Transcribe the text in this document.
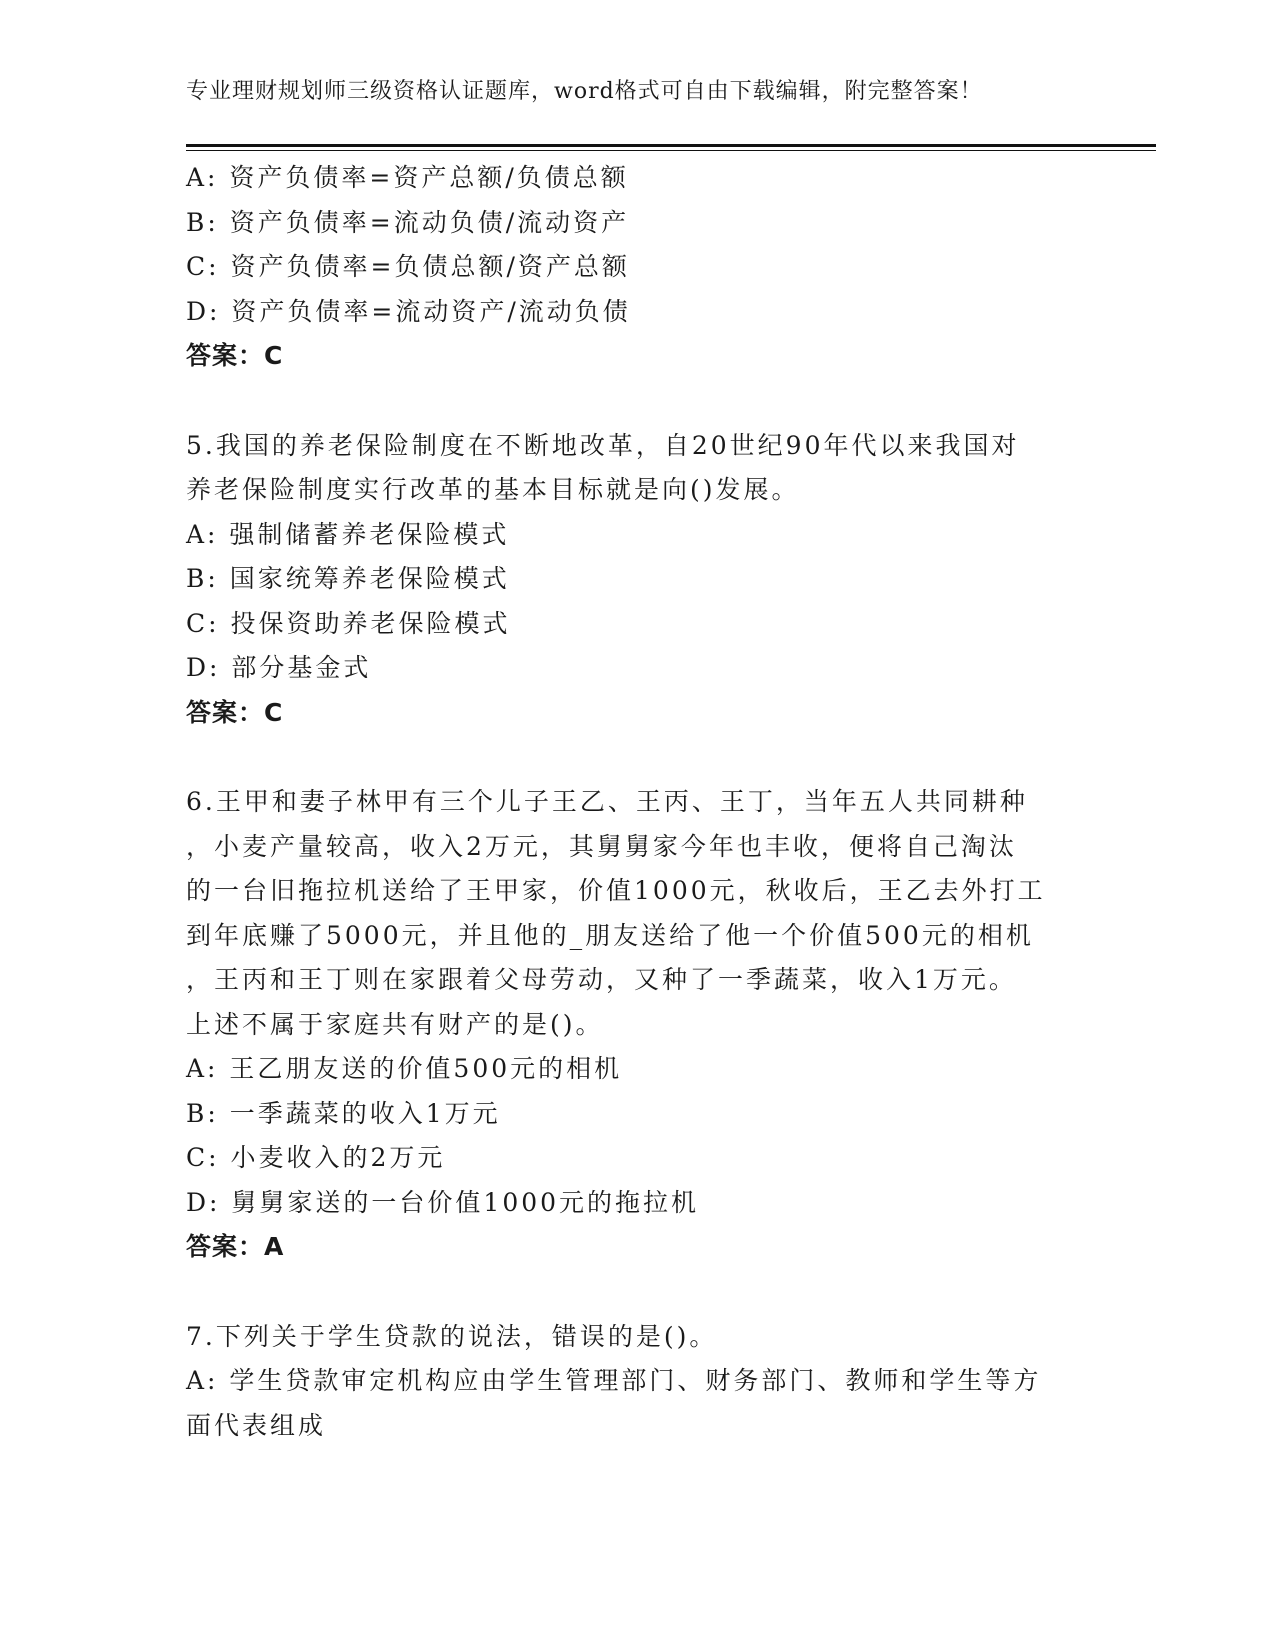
专业理财规划师三级资格认证题库，word格式可自由下载编辑，附完整答案！
A: 资产负债率=资产总额/负债总额
B: 资产负债率=流动负债/流动资产
C: 资产负债率=负债总额/资产总额
D: 资产负债率=流动资产/流动负债
答案：C
5.我国的养老保险制度在不断地改革，自20世纪90年代以来我国对
养老保险制度实行改革的基本目标就是向()发展。
A: 强制储蓄养老保险模式
B: 国家统筹养老保险模式
C: 投保资助养老保险模式
D: 部分基金式
答案：C
6.王甲和妻子林甲有三个儿子王乙、王丙、王丁，当年五人共同耕种
，小麦产量较高，收入2万元，其舅舅家今年也丰收，便将自己淘汰
的一台旧拖拉机送给了王甲家，价值1000元，秋收后，王乙去外打工
到年底赚了5000元，并且他的_朋友送给了他一个价值500元的相机
，王丙和王丁则在家跟着父母劳动，又种了一季蔬菜，收入1万元。
上述不属于家庭共有财产的是()。
A: 王乙朋友送的价值500元的相机
B: 一季蔬菜的收入1万元
C: 小麦收入的2万元
D: 舅舅家送的一台价值1000元的拖拉机
答案：A
7.下列关于学生贷款的说法，错误的是()。
A: 学生贷款审定机构应由学生管理部门、财务部门、教师和学生等方
面代表组成
